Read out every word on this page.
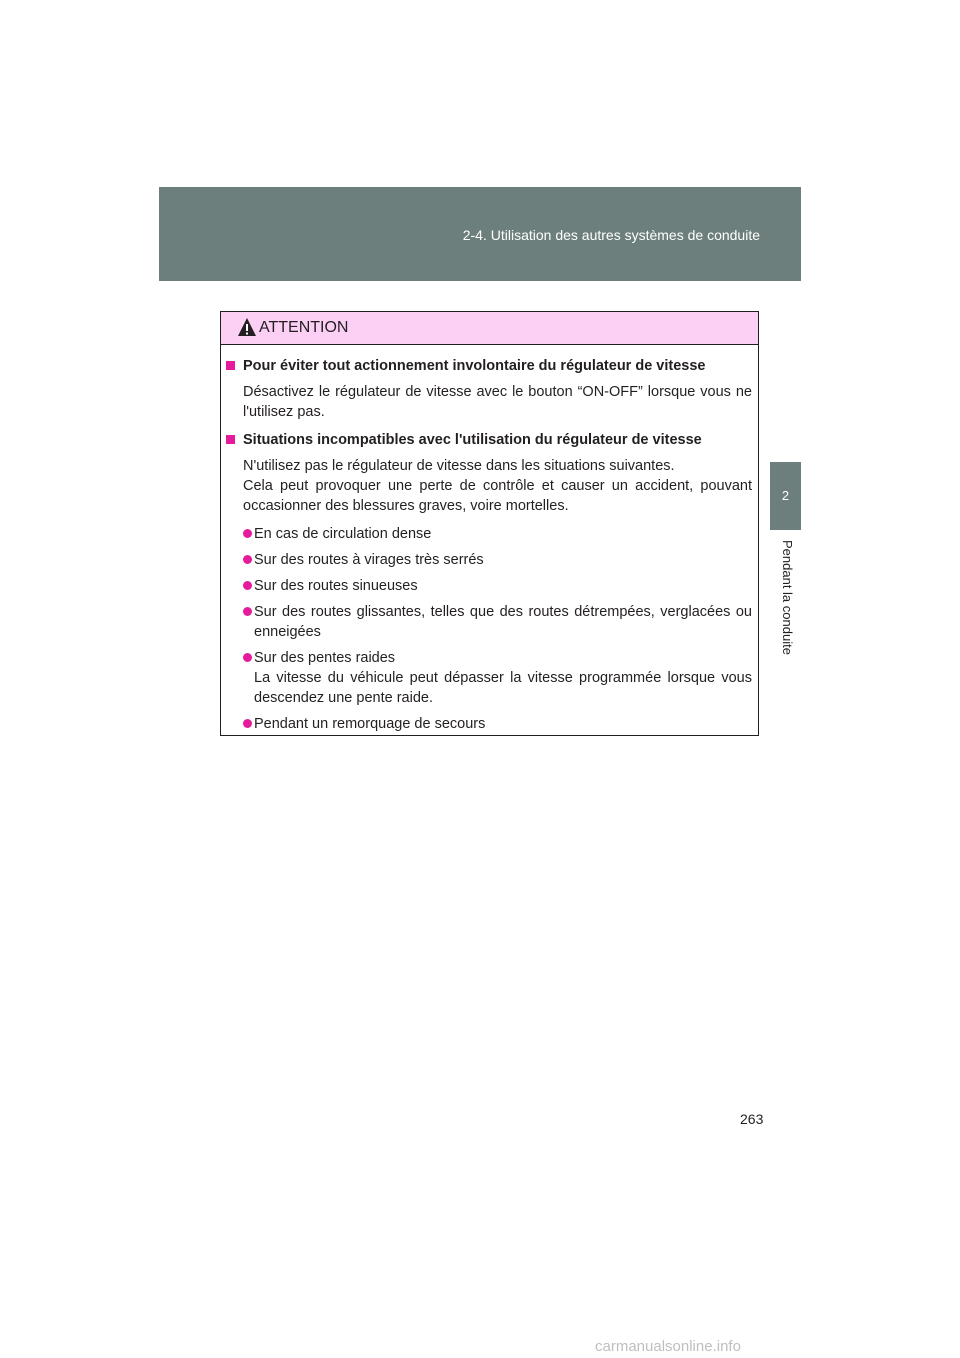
2-4. Utilisation des autres systèmes de conduite
2
Pendant la conduite
ATTENTION
Pour éviter tout actionnement involontaire du régulateur de vitesse
Désactivez le régulateur de vitesse avec le bouton “ON-OFF” lorsque vous ne l'utilisez pas.
Situations incompatibles avec l'utilisation du régulateur de vitesse
N'utilisez pas le régulateur de vitesse dans les situations suivantes.
Cela peut provoquer une perte de contrôle et causer un accident, pouvant occasionner des blessures graves, voire mortelles.
En cas de circulation dense
Sur des routes à virages très serrés
Sur des routes sinueuses
Sur des routes glissantes, telles que des routes détrempées, verglacées ou enneigées
Sur des pentes raides
La vitesse du véhicule peut dépasser la vitesse programmée lorsque vous descendez une pente raide.
Pendant un remorquage de secours
263
carmanualsonline.info
